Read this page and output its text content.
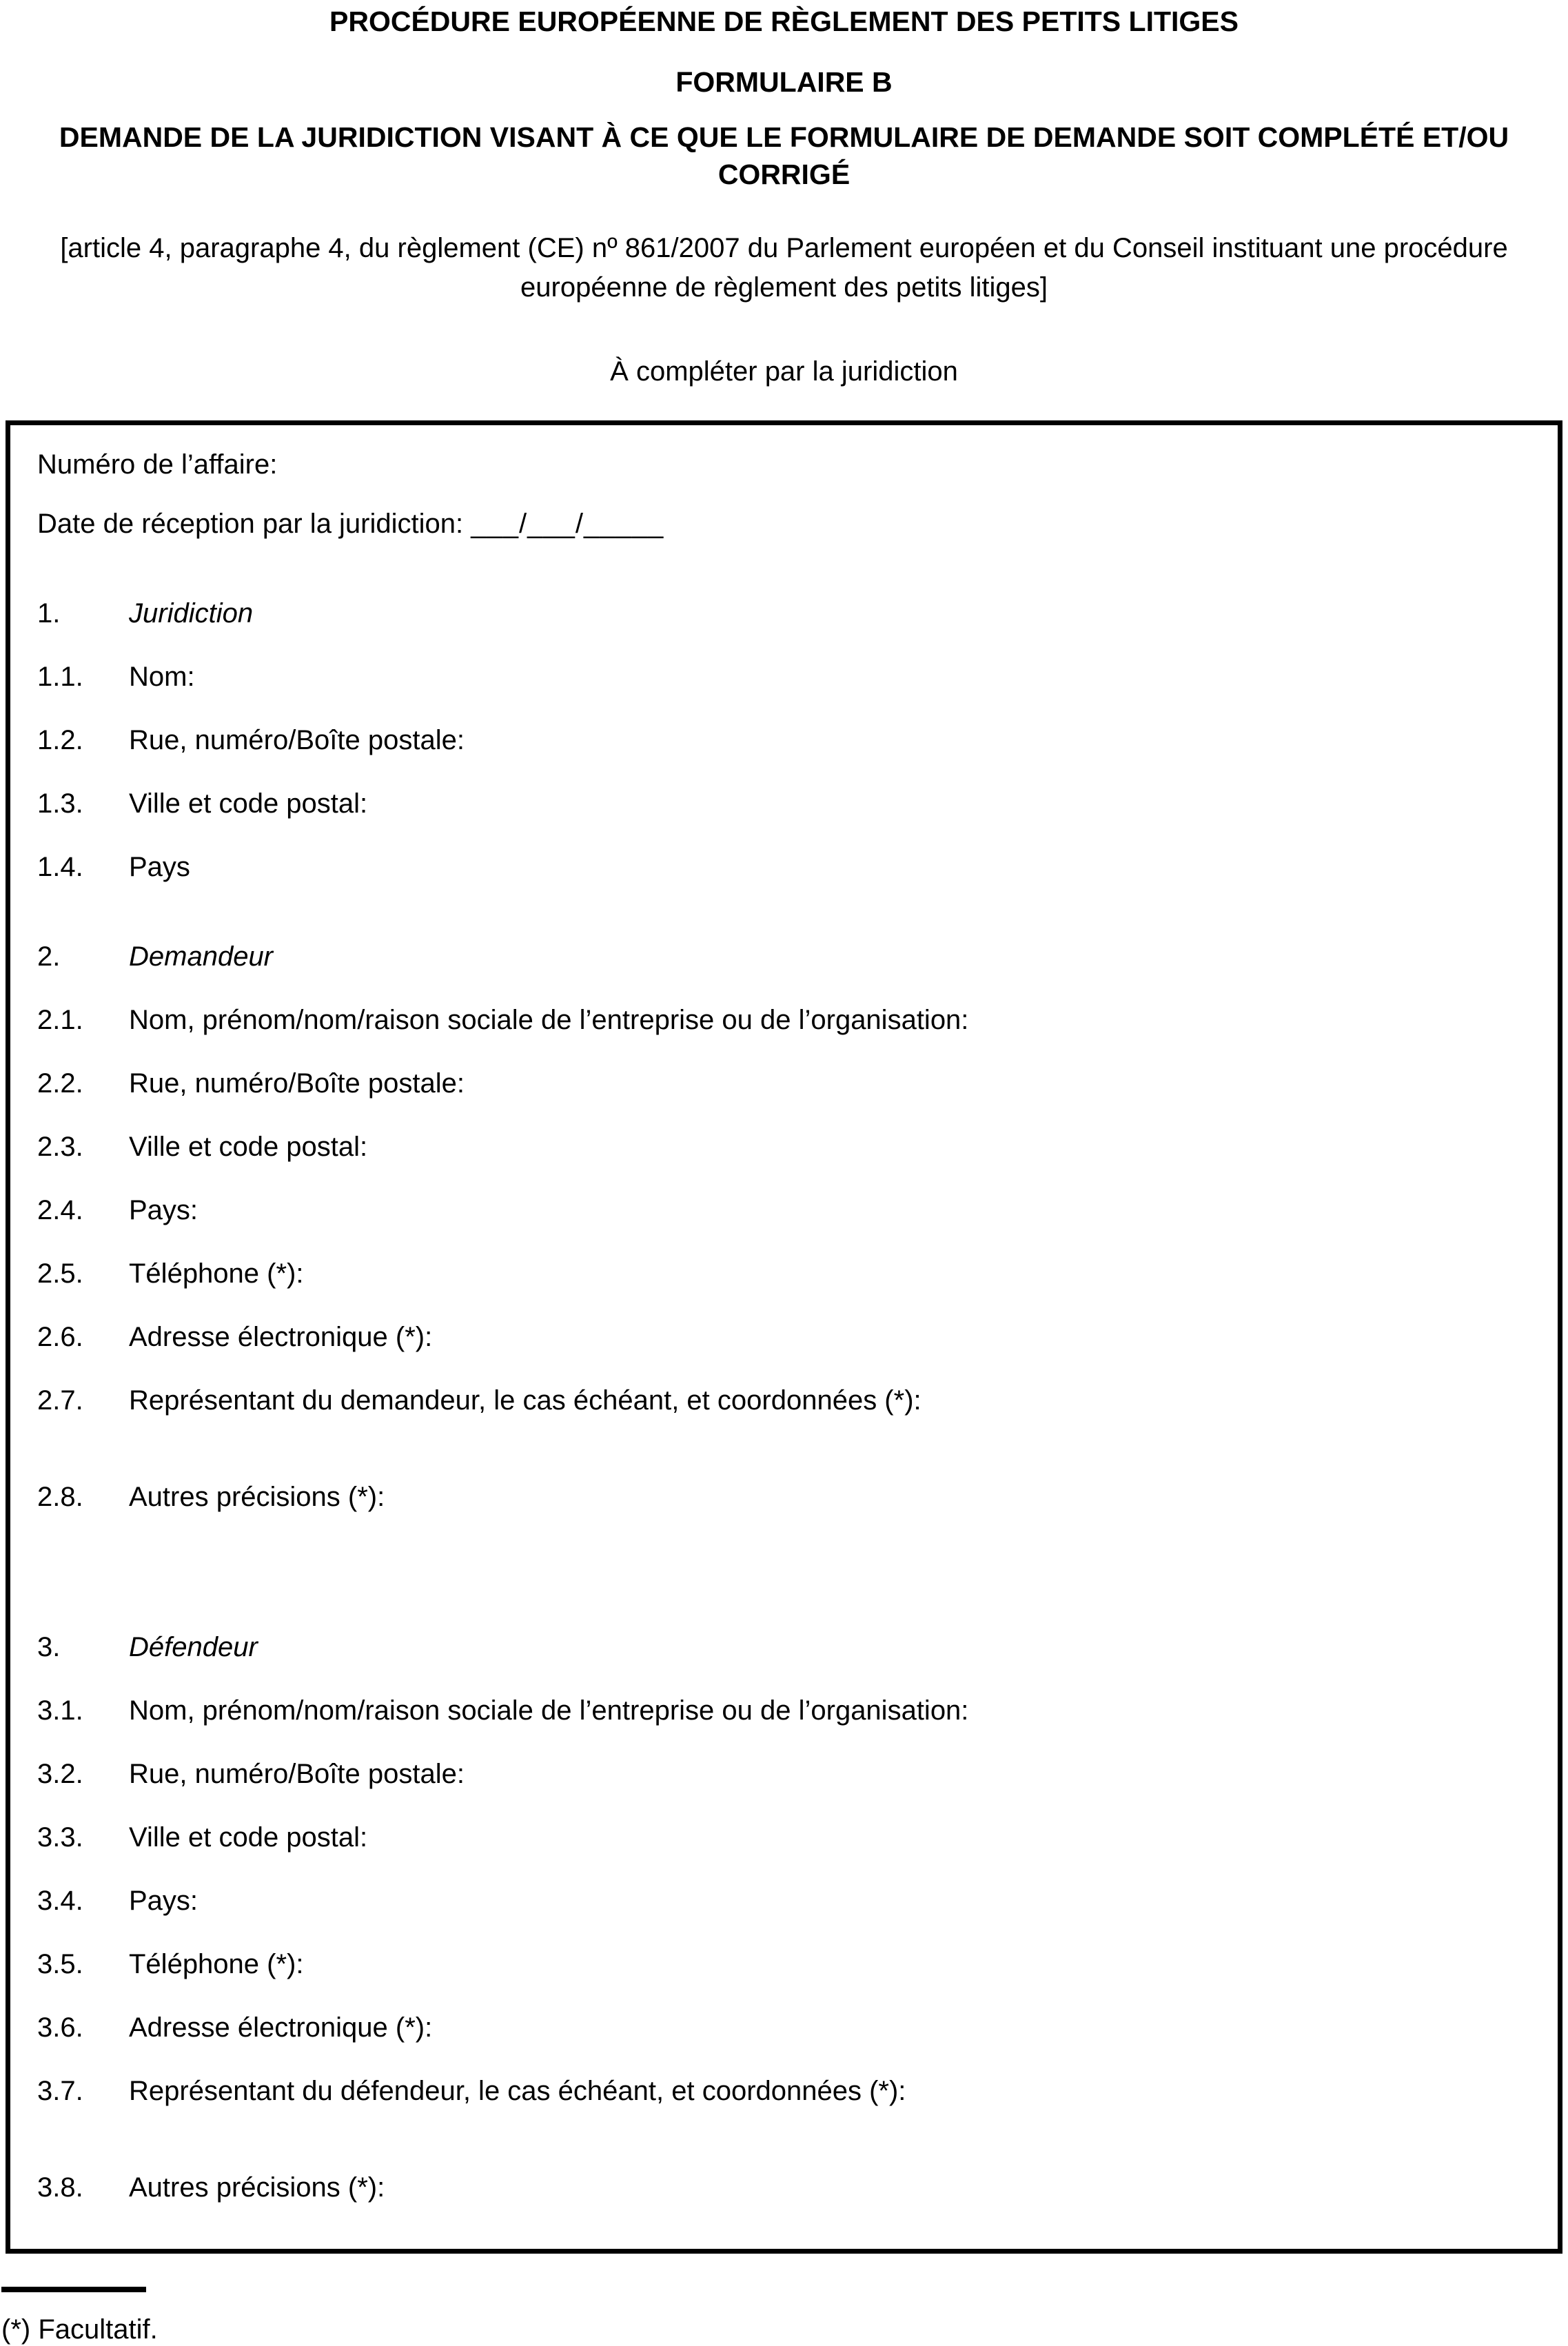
PROCÉDURE EUROPÉENNE DE RÈGLEMENT DES PETITS LITIGES
FORMULAIRE B
DEMANDE DE LA JURIDICTION VISANT À CE QUE LE FORMULAIRE DE DEMANDE SOIT COMPLÉTÉ ET/OU CORRIGÉ
[article 4, paragraphe 4, du règlement (CE) nº 861/2007 du Parlement européen et du Conseil instituant une procédure européenne de règlement des petits litiges]
À compléter par la juridiction
Numéro de l’affaire:
Date de réception par la juridiction: ___/___/_____
1.	Juridiction
1.1.	Nom:
1.2.	Rue, numéro/Boîte postale:
1.3.	Ville et code postal:
1.4.	Pays
2.	Demandeur
2.1.	Nom, prénom/nom/raison sociale de l’entreprise ou de l’organisation:
2.2.	Rue, numéro/Boîte postale:
2.3.	Ville et code postal:
2.4.	Pays:
2.5.	Téléphone (*):
2.6.	Adresse électronique (*):
2.7.	Représentant du demandeur, le cas échéant, et coordonnées (*):
2.8.	Autres précisions (*):
3.	Défendeur
3.1.	Nom, prénom/nom/raison sociale de l’entreprise ou de l’organisation:
3.2.	Rue, numéro/Boîte postale:
3.3.	Ville et code postal:
3.4.	Pays:
3.5.	Téléphone (*):
3.6.	Adresse électronique (*):
3.7.	Représentant du défendeur, le cas échéant, et coordonnées (*):
3.8.	Autres précisions (*):
(*) Facultatif.
